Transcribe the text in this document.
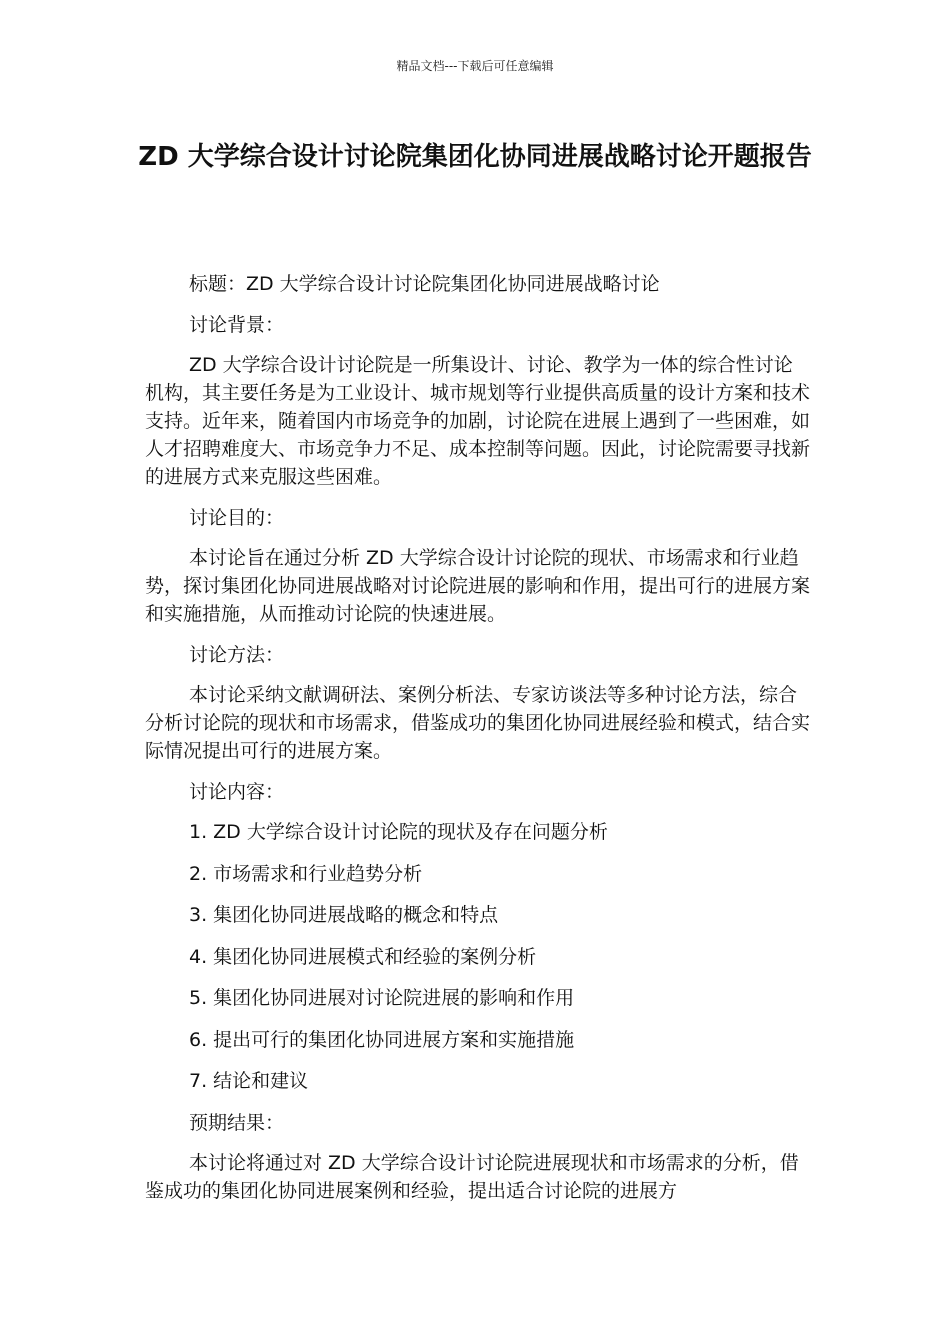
精品文档---下载后可任意编辑
ZD 大学综合设计讨论院集团化协同进展战略讨论开题报告

标题：ZD 大学综合设计讨论院集团化协同进展战略讨论

讨论背景：

ZD 大学综合设计讨论院是一所集设计、讨论、教学为一体的综合性讨论机构，其主要任务是为工业设计、城市规划等行业提供高质量的设计方案和技术支持。近年来，随着国内市场竞争的加剧，讨论院在进展上遇到了一些困难，如人才招聘难度大、市场竞争力不足、成本控制等问题。因此，讨论院需要寻找新的进展方式来克服这些困难。

讨论目的：

本讨论旨在通过分析 ZD 大学综合设计讨论院的现状、市场需求和行业趋势，探讨集团化协同进展战略对讨论院进展的影响和作用，提出可行的进展方案和实施措施，从而推动讨论院的快速进展。

讨论方法：

本讨论采纳文献调研法、案例分析法、专家访谈法等多种讨论方法，综合分析讨论院的现状和市场需求，借鉴成功的集团化协同进展经验和模式，结合实际情况提出可行的进展方案。

讨论内容：

1. ZD 大学综合设计讨论院的现状及存在问题分析

2. 市场需求和行业趋势分析

3. 集团化协同进展战略的概念和特点

4. 集团化协同进展模式和经验的案例分析

5. 集团化协同进展对讨论院进展的影响和作用

6. 提出可行的集团化协同进展方案和实施措施

7. 结论和建议

预期结果：

本讨论将通过对 ZD 大学综合设计讨论院进展现状和市场需求的分析，借鉴成功的集团化协同进展案例和经验，提出适合讨论院的进展方
